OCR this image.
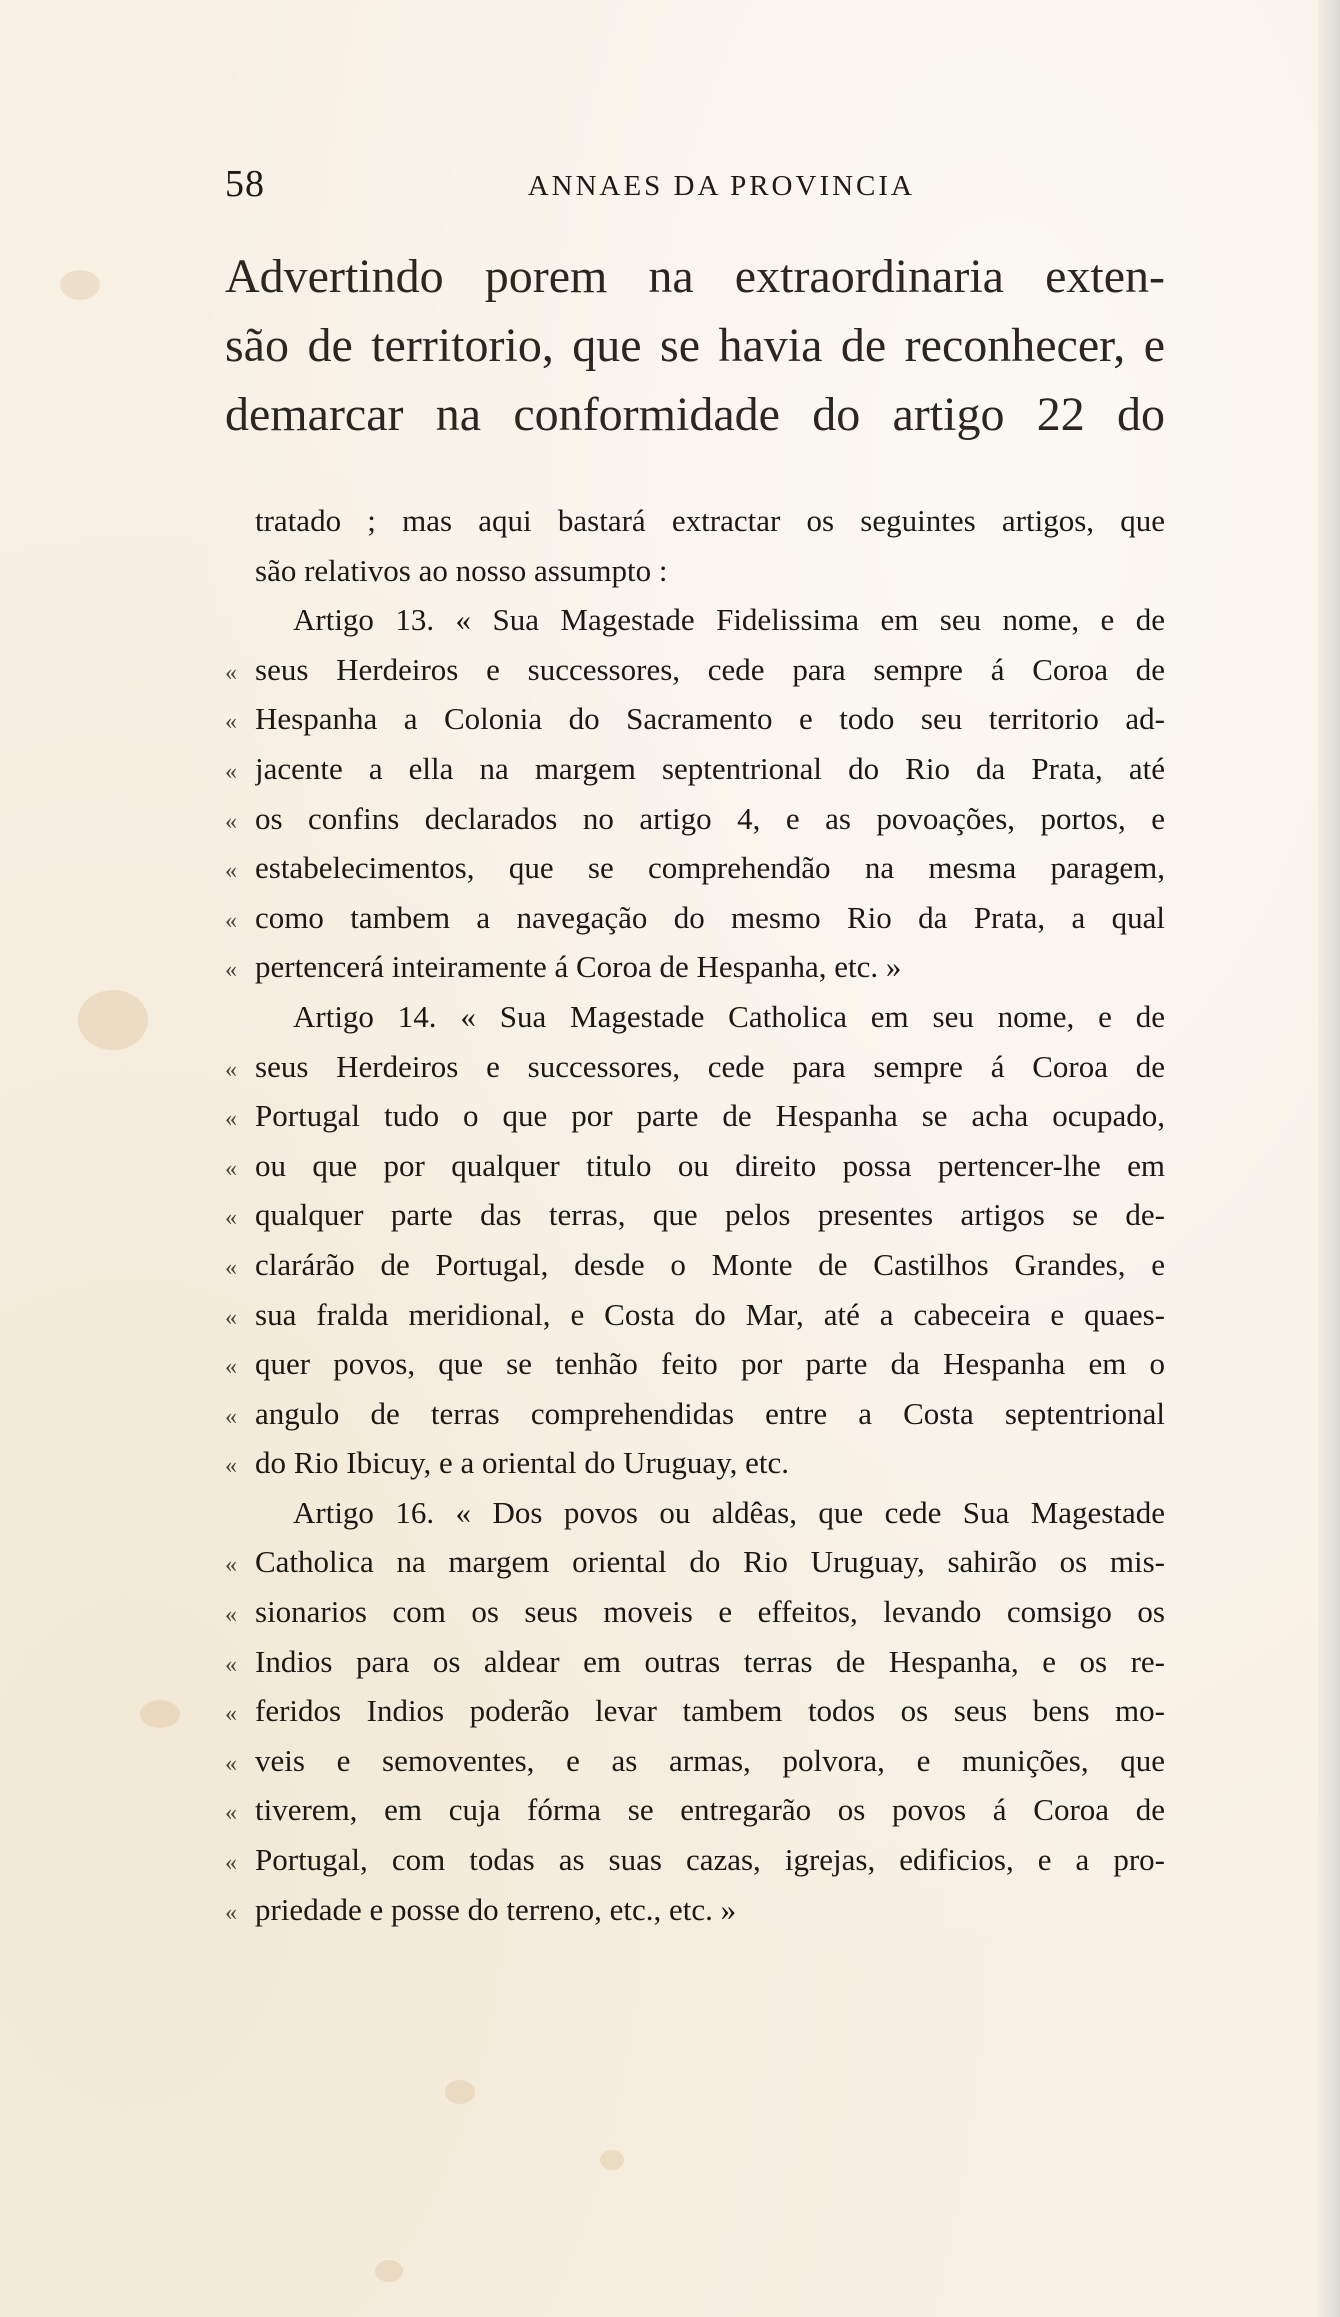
58	ANNAES DA PROVINCIA
Advertindo porem na extraordinaria exten-
são de territorio, que se havia de reconhecer, e
demarcar na conformidade do artigo 22 do
tratado ; mas aqui bastará extractar os seguintes artigos, que
são relativos ao nosso assumpto :
Artigo 13. « Sua Magestade Fidelissima em seu nome, e de
« seus Herdeiros e successores, cede para sempre á Coroa de
« Hespanha a Colonia do Sacramento e todo seu territorio ad-
« jacente a ella na margem septentrional do Rio da Prata, até
« os confins declarados no artigo 4, e as povoações, portos, e
« estabelecimentos, que se comprehendão na mesma paragem,
« como tambem a navegação do mesmo Rio da Prata, a qual
« pertencerá inteiramente á Coroa de Hespanha, etc. »
Artigo 14. « Sua Magestade Catholica em seu nome, e de
« seus Herdeiros e successores, cede para sempre á Coroa de
« Portugal tudo o que por parte de Hespanha se acha ocupado,
« ou que por qualquer titulo ou direito possa pertencer-lhe em
« qualquer parte das terras, que pelos presentes artigos se de-
« clarárão de Portugal, desde o Monte de Castilhos Grandes, e
« sua fralda meridional, e Costa do Mar, até a cabeceira e quaes-
« quer povos, que se tenhão feito por parte da Hespanha em o
« angulo de terras comprehendidas entre a Costa septentrional
« do Rio Ibicuy, e a oriental do Uruguay, etc.
Artigo 16. « Dos povos ou aldêas, que cede Sua Magestade
« Catholica na margem oriental do Rio Uruguay, sahirão os mis-
« sionarios com os seus moveis e effeitos, levando comsigo os
« Indios para os aldear em outras terras de Hespanha, e os re-
« feridos Indios poderão levar tambem todos os seus bens mo-
« veis e semoventes, e as armas, polvora, e munições, que
« tiverem, em cuja fórma se entregarão os povos á Coroa de
« Portugal, com todas as suas cazas, igrejas, edificios, e a pro-
« priedade e posse do terreno, etc., etc. »
